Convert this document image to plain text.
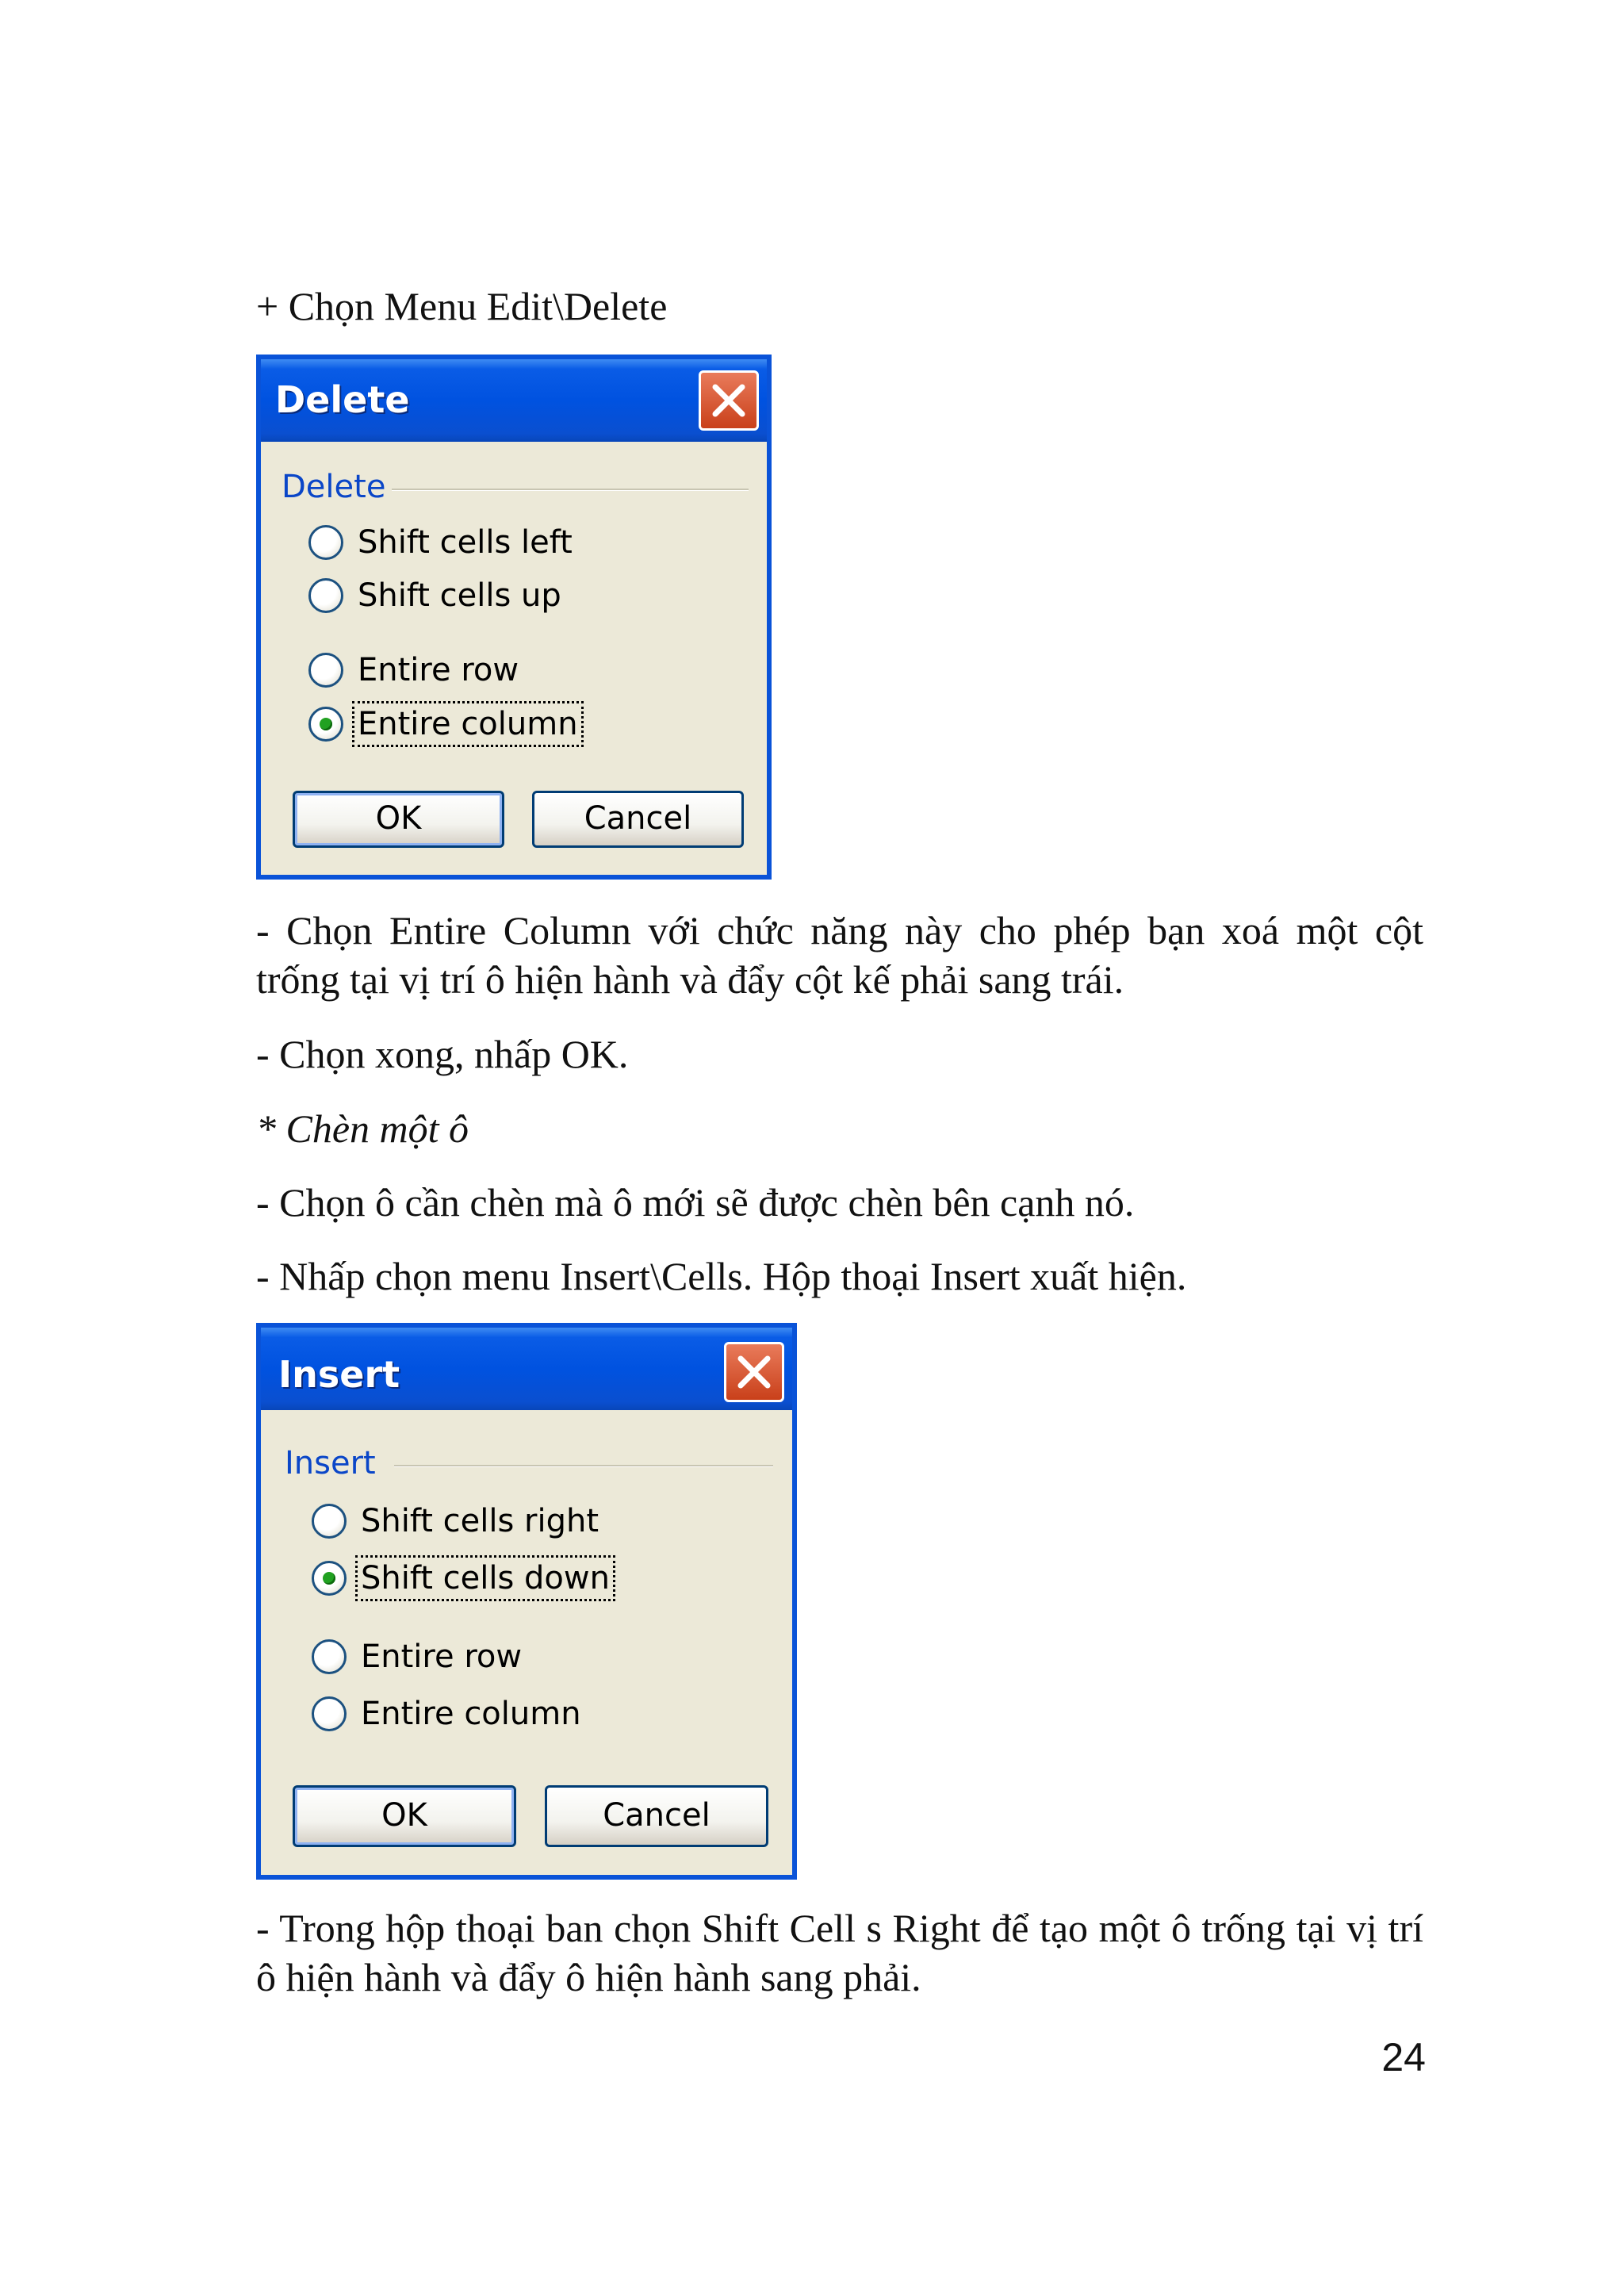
+ Chọn Menu Edit\Delete

Delete
Delete
Shift cells left
Shift cells up
Entire row
Entire column
OK	Cancel

- Chọn Entire Column với chức năng này cho phép bạn xoá một cột trống tại vị trí ô hiện hành và đẩy cột kế phải sang trái.

- Chọn xong, nhấp OK.

* Chèn một ô

- Chọn ô cần chèn mà ô mới sẽ được chèn bên cạnh nó.

- Nhấp chọn menu Insert\Cells. Hộp thoại Insert xuất hiện.

Insert
Insert
Shift cells right
Shift cells down
Entire row
Entire column
OK	Cancel

- Trong hộp thoại ban chọn Shift Cell s Right để tạo một ô trống tại vị trí ô hiện hành và đẩy ô hiện hành sang phải.

24
